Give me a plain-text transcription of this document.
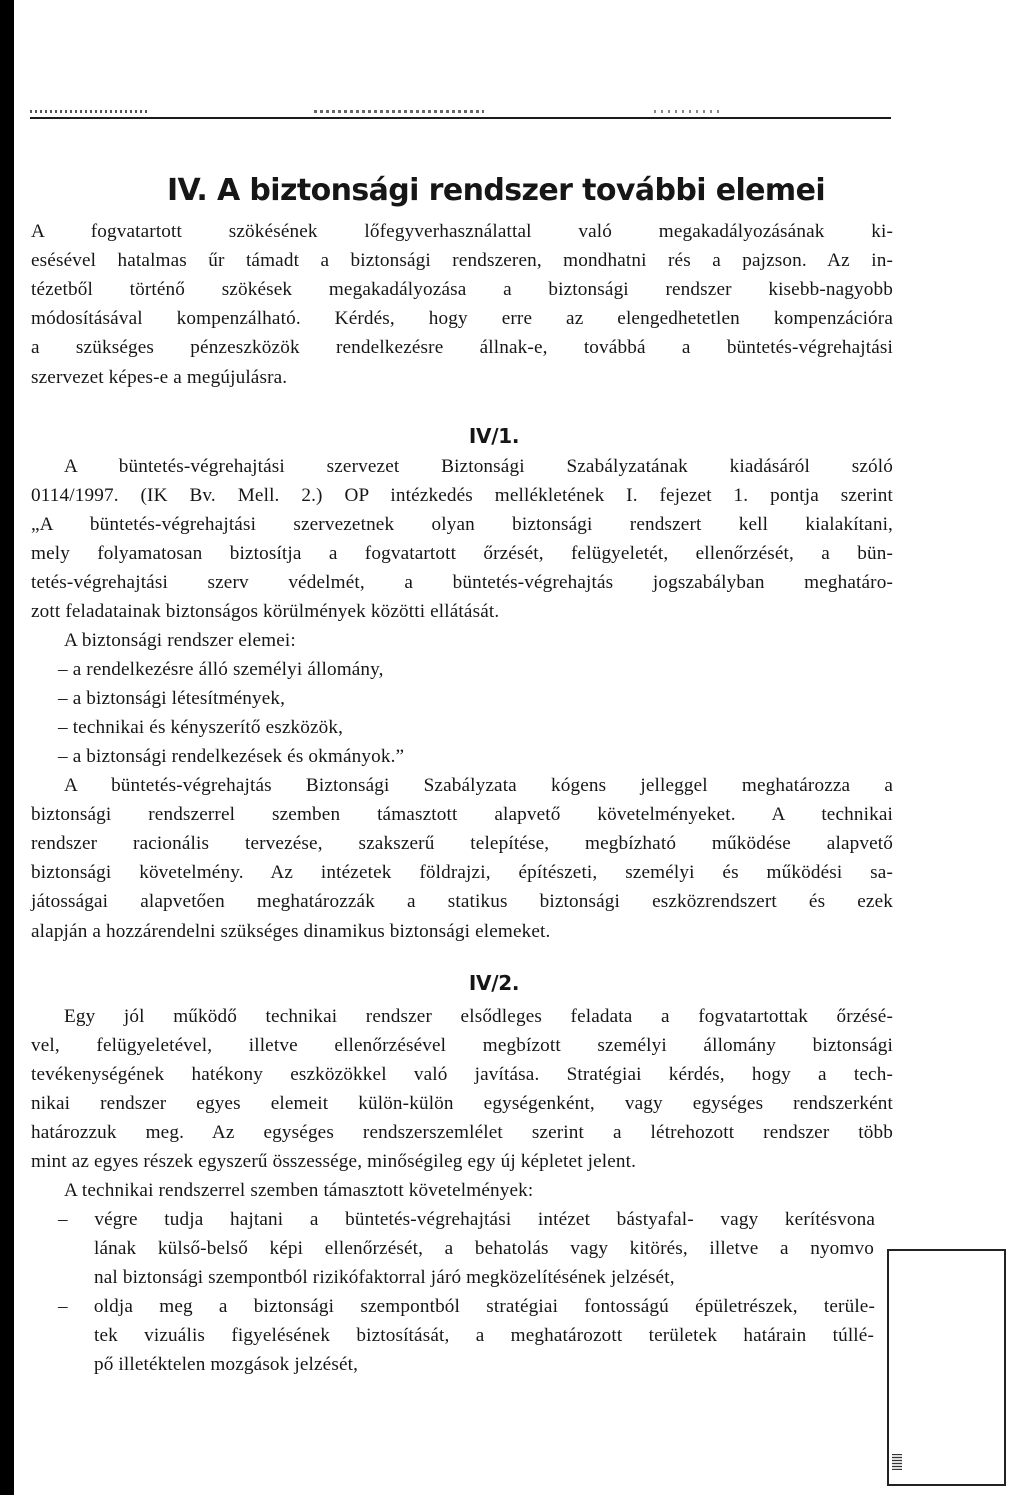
IV. A biztonsági rendszer további elemei
A fogvatartott szökésének lőfegyverhasználattal való megakadályozásának ki-
esésével hatalmas űr támadt a biztonsági rendszeren, mondhatni rés a pajzson. Az in-
tézetből történő szökések megakadályozása a biztonsági rendszer kisebb-nagyobb
módosításával kompenzálható. Kérdés, hogy erre az elengedhetetlen kompenzációra
a szükséges pénzeszközök rendelkezésre állnak-e, továbbá a büntetés-végrehajtási
szervezet képes-e a megújulásra.
IV/1.
A büntetés-végrehajtási szervezet Biztonsági Szabályzatának kiadásáról szóló
0114/1997. (IK Bv. Mell. 2.) OP intézkedés mellékletének I. fejezet 1. pontja szerint
„A büntetés-végrehajtási szervezetnek olyan biztonsági rendszert kell kialakítani,
mely folyamatosan biztosítja a fogvatartott őrzését, felügyeletét, ellenőrzését, a bün-
tetés-végrehajtási szerv védelmét, a büntetés-végrehajtás jogszabályban meghatáro-
zott feladatainak biztonságos körülmények közötti ellátását.
A biztonsági rendszer elemei:
– a rendelkezésre álló személyi állomány,
– a biztonsági létesítmények,
– technikai és kényszerítő eszközök,
– a biztonsági rendelkezések és okmányok.”
A büntetés-végrehajtás Biztonsági Szabályzata kógens jelleggel meghatározza a
biztonsági rendszerrel szemben támasztott alapvető követelményeket. A technikai
rendszer racionális tervezése, szakszerű telepítése, megbízható működése alapvető
biztonsági követelmény. Az intézetek földrajzi, építészeti, személyi és működési sa-
játosságai alapvetően meghatározzák a statikus biztonsági eszközrendszert és ezek
alapján a hozzárendelni szükséges dinamikus biztonsági elemeket.
IV/2.
Egy jól működő technikai rendszer elsődleges feladata a fogvatartottak őrzésé-
vel, felügyeletével, illetve ellenőrzésével megbízott személyi állomány biztonsági
tevékenységének hatékony eszközökkel való javítása. Stratégiai kérdés, hogy a tech-
nikai rendszer egyes elemeit külön-külön egységenként, vagy egységes rendszerként
határozzuk meg. Az egységes rendszerszemlélet szerint a létrehozott rendszer több
mint az egyes részek egyszerű összessége, minőségileg egy új képletet jelent.
A technikai rendszerrel szemben támasztott követelmények:
– végre tudja hajtani a büntetés-végrehajtási intézet bástyafal- vagy kerítésvona
lának külső-belső képi ellenőrzését, a behatolás vagy kitörés, illetve a nyomvo
nal biztonsági szempontból rizikófaktorral járó megközelítésének jelzését,
– oldja meg a biztonsági szempontból stratégiai fontosságú épületrészek, terüle-
tek vizuális figyelésének biztosítását, a meghatározott területek határain túllé-
pő illetéktelen mozgások jelzését,
